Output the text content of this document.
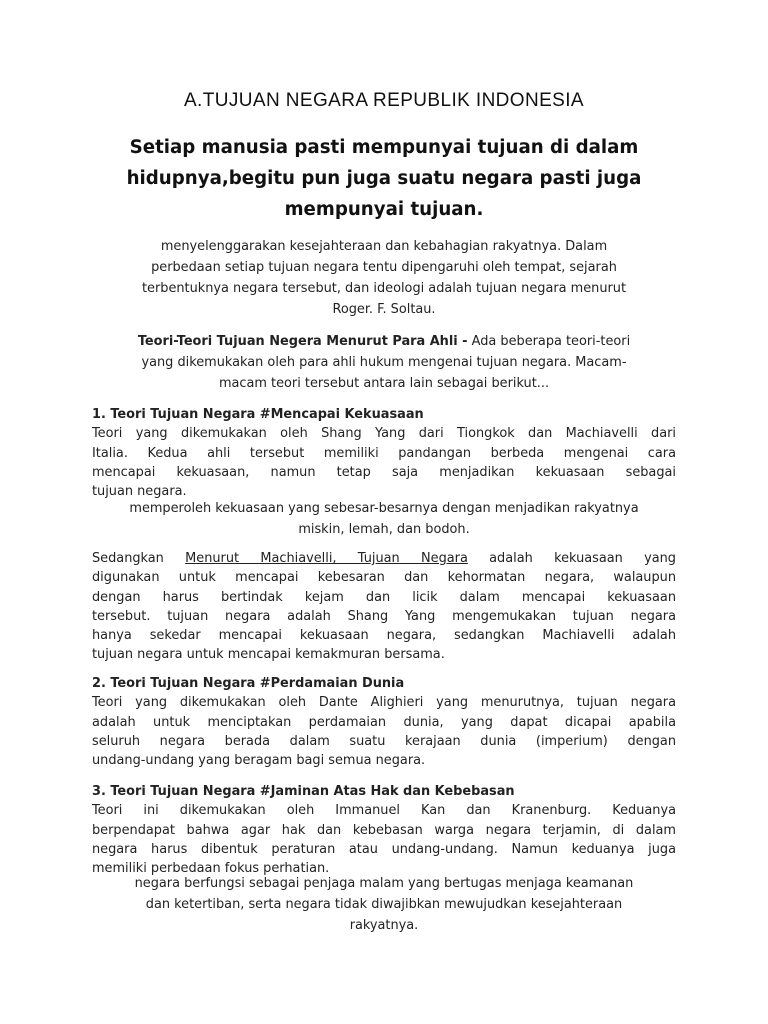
A.TUJUAN NEGARA REPUBLIK INDONESIA
Setiap manusia pasti mempunyai tujuan di dalam
hidupnya,begitu pun juga suatu negara pasti juga
mempunyai tujuan.
menyelenggarakan kesejahteraan dan kebahagian rakyatnya. Dalam
perbedaan setiap tujuan negara tentu dipengaruhi oleh tempat, sejarah
terbentuknya negara tersebut, dan ideologi adalah tujuan negara menurut
Roger. F. Soltau.
Teori-Teori Tujuan Negera Menurut Para Ahli - Ada beberapa teori-teori
yang dikemukakan oleh para ahli hukum mengenai tujuan negara. Macam-
macam teori tersebut antara lain sebagai berikut...
1. Teori Tujuan Negara #Mencapai Kekuasaan
Teori yang dikemukakan oleh Shang Yang dari Tiongkok dan Machiavelli dari
Italia. Kedua ahli tersebut memiliki pandangan berbeda mengenai cara
mencapai kekuasaan, namun tetap saja menjadikan kekuasaan sebagai
tujuan negara.
memperoleh kekuasaan yang sebesar-besarnya dengan menjadikan rakyatnya
miskin, lemah, dan bodoh.
Sedangkan Menurut Machiavelli, Tujuan Negara adalah kekuasaan yang
digunakan untuk mencapai kebesaran dan kehormatan negara, walaupun
dengan harus bertindak kejam dan licik dalam mencapai kekuasaan
tersebut. tujuan negara adalah Shang Yang mengemukakan tujuan negara
hanya sekedar mencapai kekuasaan negara, sedangkan Machiavelli adalah
tujuan negara untuk mencapai kemakmuran bersama.
2. Teori Tujuan Negara #Perdamaian Dunia
Teori yang dikemukakan oleh Dante Alighieri yang menurutnya, tujuan negara
adalah untuk menciptakan perdamaian dunia, yang dapat dicapai apabila
seluruh negara berada dalam suatu kerajaan dunia (imperium) dengan
undang-undang yang beragam bagi semua negara.
3. Teori Tujuan Negara #Jaminan Atas Hak dan Kebebasan
Teori ini dikemukakan oleh Immanuel Kan dan Kranenburg. Keduanya
berpendapat bahwa agar hak dan kebebasan warga negara terjamin, di dalam
negara harus dibentuk peraturan atau undang-undang. Namun keduanya juga
memiliki perbedaan fokus perhatian.
negara berfungsi sebagai penjaga malam yang bertugas menjaga keamanan
dan ketertiban, serta negara tidak diwajibkan mewujudkan kesejahteraan
rakyatnya.
